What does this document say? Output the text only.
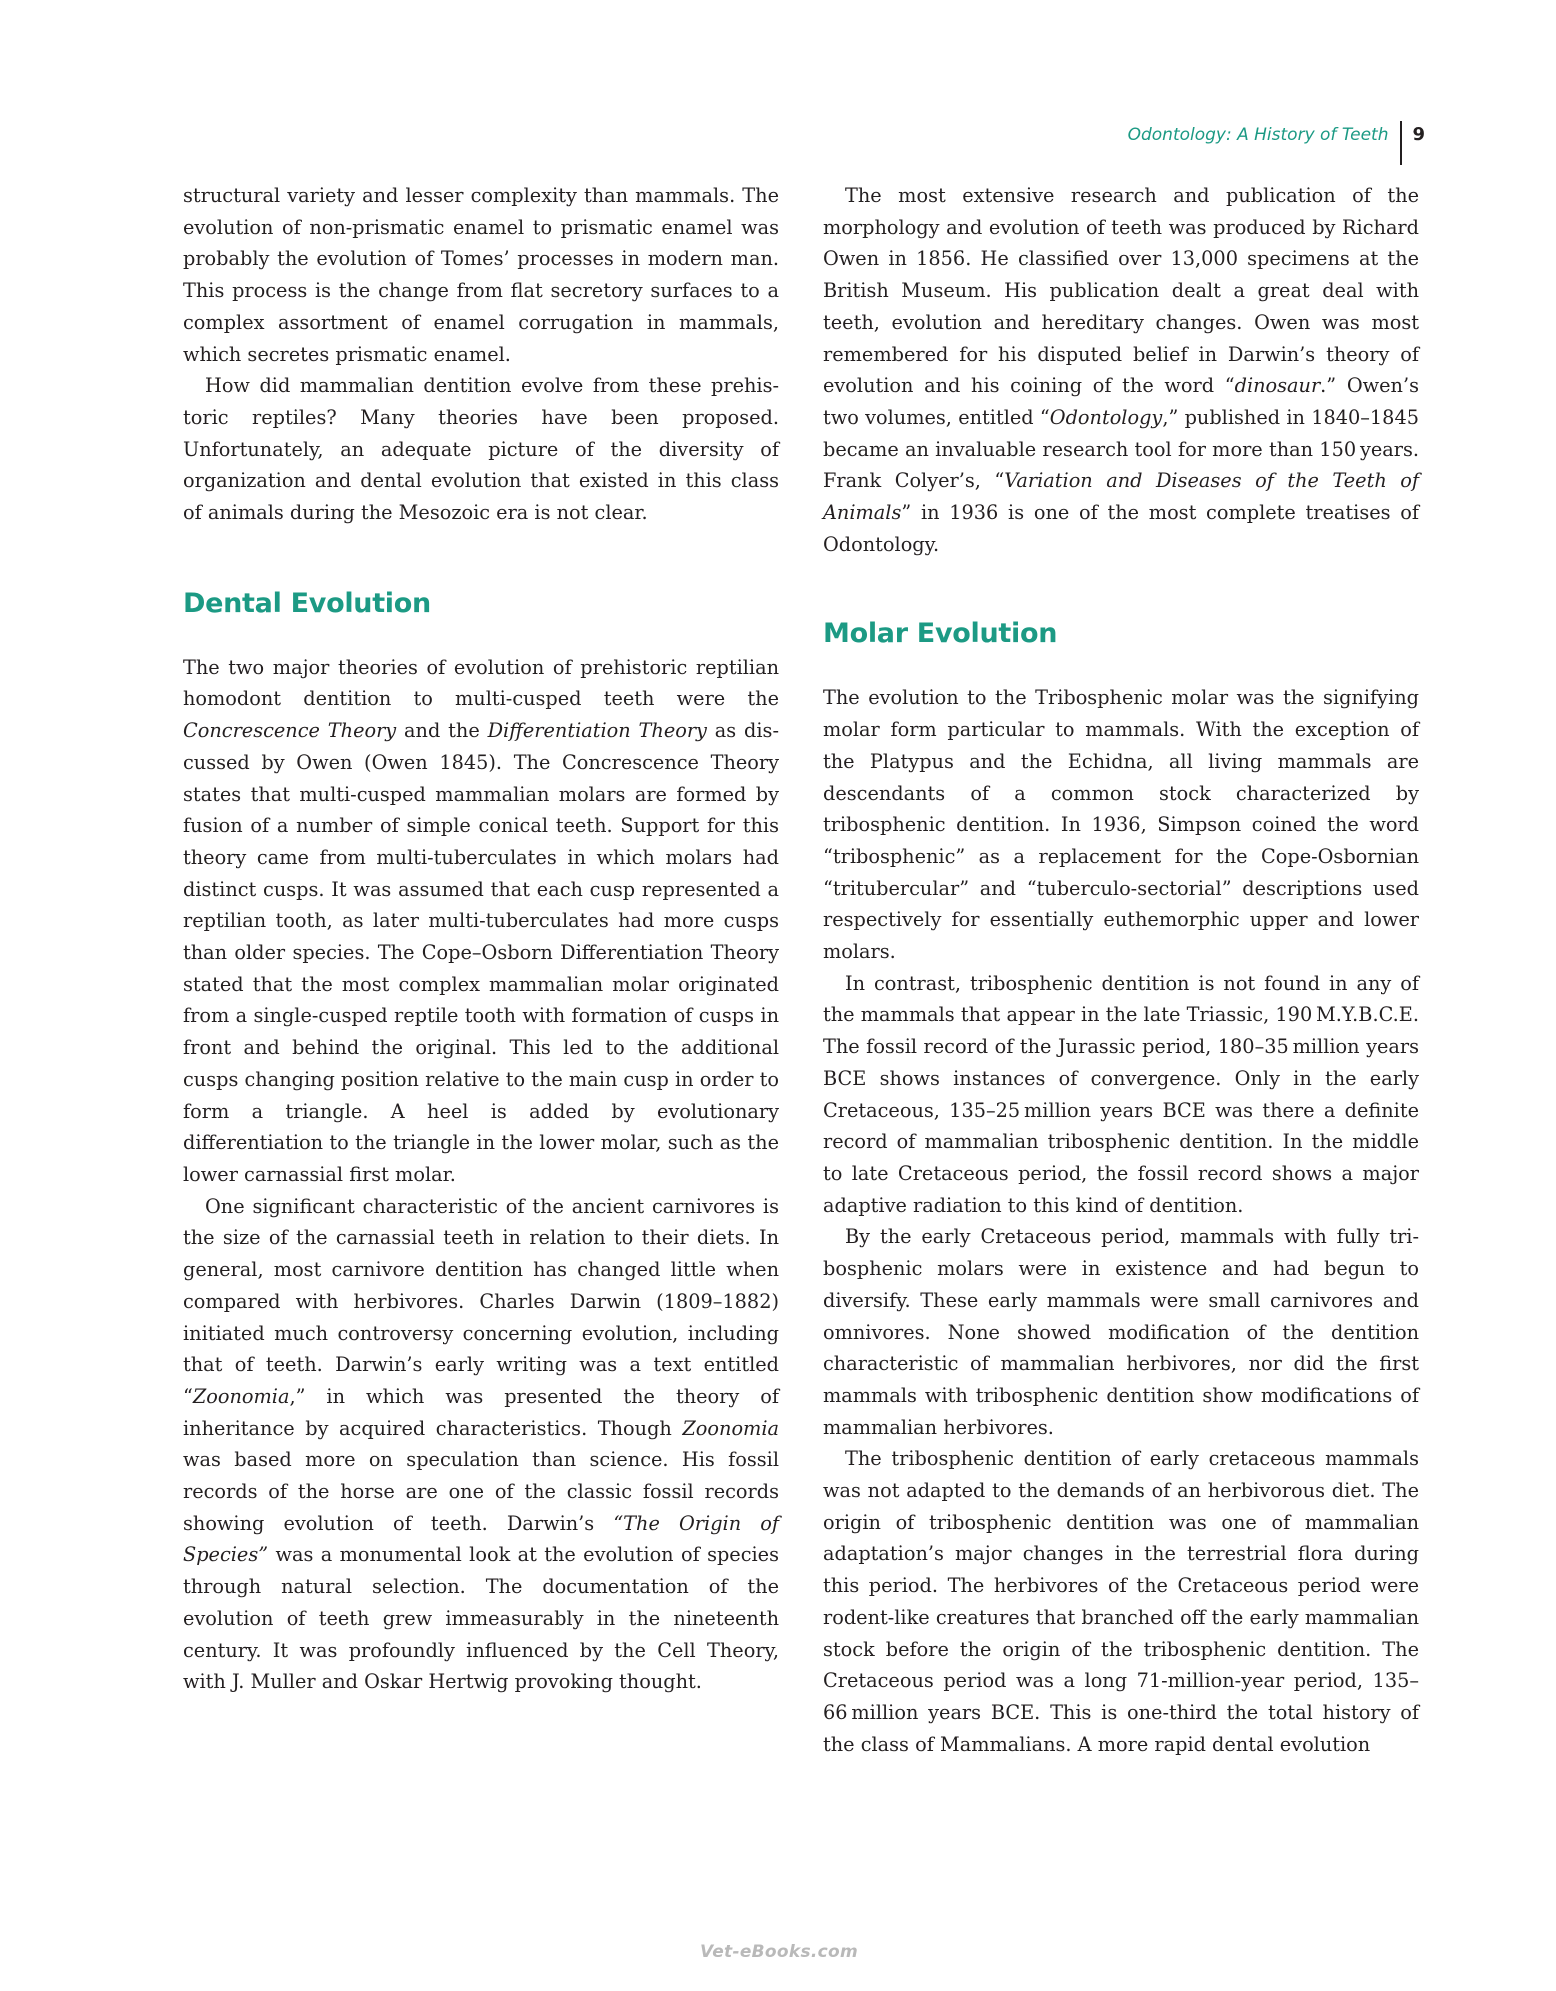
Odontology: A History of Teeth	9

structural variety and lesser complexity than mammals. The evolution of non-prismatic enamel to prismatic enamel was probably the evolution of Tomes’ processes in modern man. This process is the change from flat secretory surfaces to a complex assortment of enamel corrugation in mammals, which secretes prismatic enamel.

How did mammalian dentition evolve from these prehistoric reptiles? Many theories have been proposed. Unfortunately, an adequate picture of the diversity of organization and dental evolution that existed in this class of animals during the Mesozoic era is not clear.

Dental Evolution

The two major theories of evolution of prehistoric reptilian homodont dentition to multi-cusped teeth were the Concrescence Theory and the Differentiation Theory as discussed by Owen (Owen 1845). The Concrescence Theory states that multi-cusped mammalian molars are formed by fusion of a number of simple conical teeth. Support for this theory came from multi-tuberculates in which molars had distinct cusps. It was assumed that each cusp represented a reptilian tooth, as later multi-tuberculates had more cusps than older species. The Cope–Osborn Differentiation Theory stated that the most complex mammalian molar originated from a single-cusped reptile tooth with formation of cusps in front and behind the original. This led to the additional cusps changing position relative to the main cusp in order to form a triangle. A heel is added by evolutionary differentiation to the triangle in the lower molar, such as the lower carnassial first molar.

One significant characteristic of the ancient carnivores is the size of the carnassial teeth in relation to their diets. In general, most carnivore dentition has changed little when compared with herbivores. Charles Darwin (1809–1882) initiated much controversy concerning evolution, including that of teeth. Darwin’s early writing was a text entitled “Zoonomia,” in which was presented the theory of inheritance by acquired characteristics. Though Zoonomia was based more on speculation than science. His fossil records of the horse are one of the classic fossil records showing evolution of teeth. Darwin’s “The Origin of Species” was a monumental look at the evolution of species through natural selection. The documentation of the evolution of teeth grew immeasurably in the nineteenth century. It was profoundly influenced by the Cell Theory, with J. Muller and Oskar Hertwig provoking thought.

The most extensive research and publication of the morphology and evolution of teeth was produced by Richard Owen in 1856. He classified over 13,000 specimens at the British Museum. His publication dealt a great deal with teeth, evolution and hereditary changes. Owen was most remembered for his disputed belief in Darwin’s theory of evolution and his coining of the word “dinosaur.” Owen’s two volumes, entitled “Odontology,” published in 1840–1845 became an invaluable research tool for more than 150 years. Frank Colyer’s, “Variation and Diseases of the Teeth of Animals” in 1936 is one of the most complete treatises of Odontology.

Molar Evolution

The evolution to the Tribosphenic molar was the signifying molar form particular to mammals. With the exception of the Platypus and the Echidna, all living mammals are descendants of a common stock characterized by tribosphenic dentition. In 1936, Simpson coined the word “tribosphenic” as a replacement for the Cope-Osbornian “tritubercular” and “tuberculo-sectorial” descriptions used respectively for essentially euthemorphic upper and lower molars.

In contrast, tribosphenic dentition is not found in any of the mammals that appear in the late Triassic, 190 M.Y.B.C.E. The fossil record of the Jurassic period, 180–35 million years BCE shows instances of convergence. Only in the early Cretaceous, 135–25 million years BCE was there a definite record of mammalian tribosphenic dentition. In the middle to late Cretaceous period, the fossil record shows a major adaptive radiation to this kind of dentition.

By the early Cretaceous period, mammals with fully tribosphenic molars were in existence and had begun to diversify. These early mammals were small carnivores and omnivores. None showed modification of the dentition characteristic of mammalian herbivores, nor did the first mammals with tribosphenic dentition show modifications of mammalian herbivores.

The tribosphenic dentition of early cretaceous mammals was not adapted to the demands of an herbivorous diet. The origin of tribosphenic dentition was one of mammalian adaptation’s major changes in the terrestrial flora during this period. The herbivores of the Cretaceous period were rodent-like creatures that branched off the early mammalian stock before the origin of the tribosphenic dentition. The Cretaceous period was a long 71-million-year period, 135–66 million years BCE. This is one-third the total history of the class of Mammalians. A more rapid dental evolution

Vet-eBooks.com
